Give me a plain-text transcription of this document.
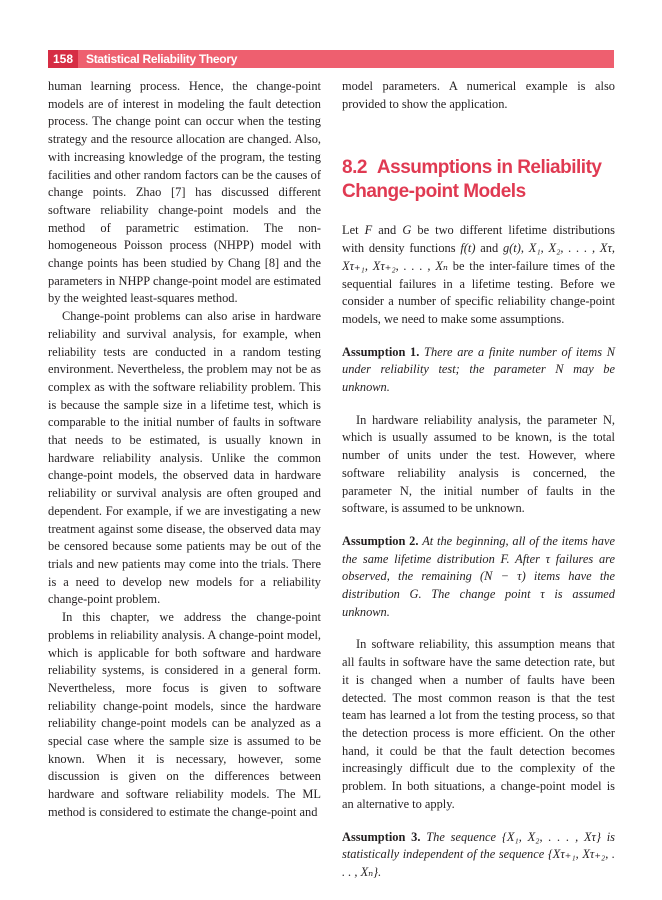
158	Statistical Reliability Theory

human learning process. Hence, the change-point models are of interest in modeling the fault detection process. The change point can occur when the testing strategy and the resource allocation are changed. Also, with increasing knowledge of the program, the testing facilities and other random factors can be the causes of change points. Zhao [7] has discussed different software reliability change-point models and the method of parametric estimation. The non-homogeneous Poisson process (NHPP) model with change points has been studied by Chang [8] and the parameters in NHPP change-point model are estimated by the weighted least-squares method.

Change-point problems can also arise in hardware reliability and survival analysis, for example, when reliability tests are conducted in a random testing environment. Nevertheless, the problem may not be as complex as with the software reliability problem. This is because the sample size in a lifetime test, which is comparable to the initial number of faults in software that needs to be estimated, is usually known in hardware reliability analysis. Unlike the common change-point models, the observed data in hardware reliability or survival analysis are often grouped and dependent. For example, if we are investigating a new treatment against some disease, the observed data may be censored because some patients may be out of the trials and new patients may come into the trials. There is a need to develop new models for a reliability change-point problem.

In this chapter, we address the change-point problems in reliability analysis. A change-point model, which is applicable for both software and hardware reliability systems, is considered in a general form. Nevertheless, more focus is given to software reliability change-point models, since the hardware reliability change-point models can be analyzed as a special case where the sample size is assumed to be known. When it is necessary, however, some discussion is given on the differences between hardware and software reliability models. The ML method is considered to estimate the change-point and

model parameters. A numerical example is also provided to show the application.

8.2 Assumptions in Reliability Change-point Models

Let F and G be two different lifetime distributions with density functions f(t) and g(t), X₁, X₂, . . . , Xτ, Xτ₊₁, Xτ₊₂, . . . , Xₙ be the inter-failure times of the sequential failures in a lifetime testing. Before we consider a number of specific reliability change-point models, we need to make some assumptions.

Assumption 1. There are a finite number of items N under reliability test; the parameter N may be unknown.

In hardware reliability analysis, the parameter N, which is usually assumed to be known, is the total number of units under the test. However, where software reliability analysis is concerned, the parameter N, the initial number of faults in the software, is assumed to be unknown.

Assumption 2. At the beginning, all of the items have the same lifetime distribution F. After τ failures are observed, the remaining (N − τ) items have the distribution G. The change point τ is assumed unknown.

In software reliability, this assumption means that all faults in software have the same detection rate, but it is changed when a number of faults have been detected. The most common reason is that the test team has learned a lot from the testing process, so that the detection process is more efficient. On the other hand, it could be that the fault detection becomes increasingly difficult due to the complexity of the problem. In both situations, a change-point model is an alternative to apply.

Assumption 3. The sequence {X₁, X₂, . . . , Xτ} is statistically independent of the sequence {Xτ₊₁, Xτ₊₂, . . . , Xₙ}.
